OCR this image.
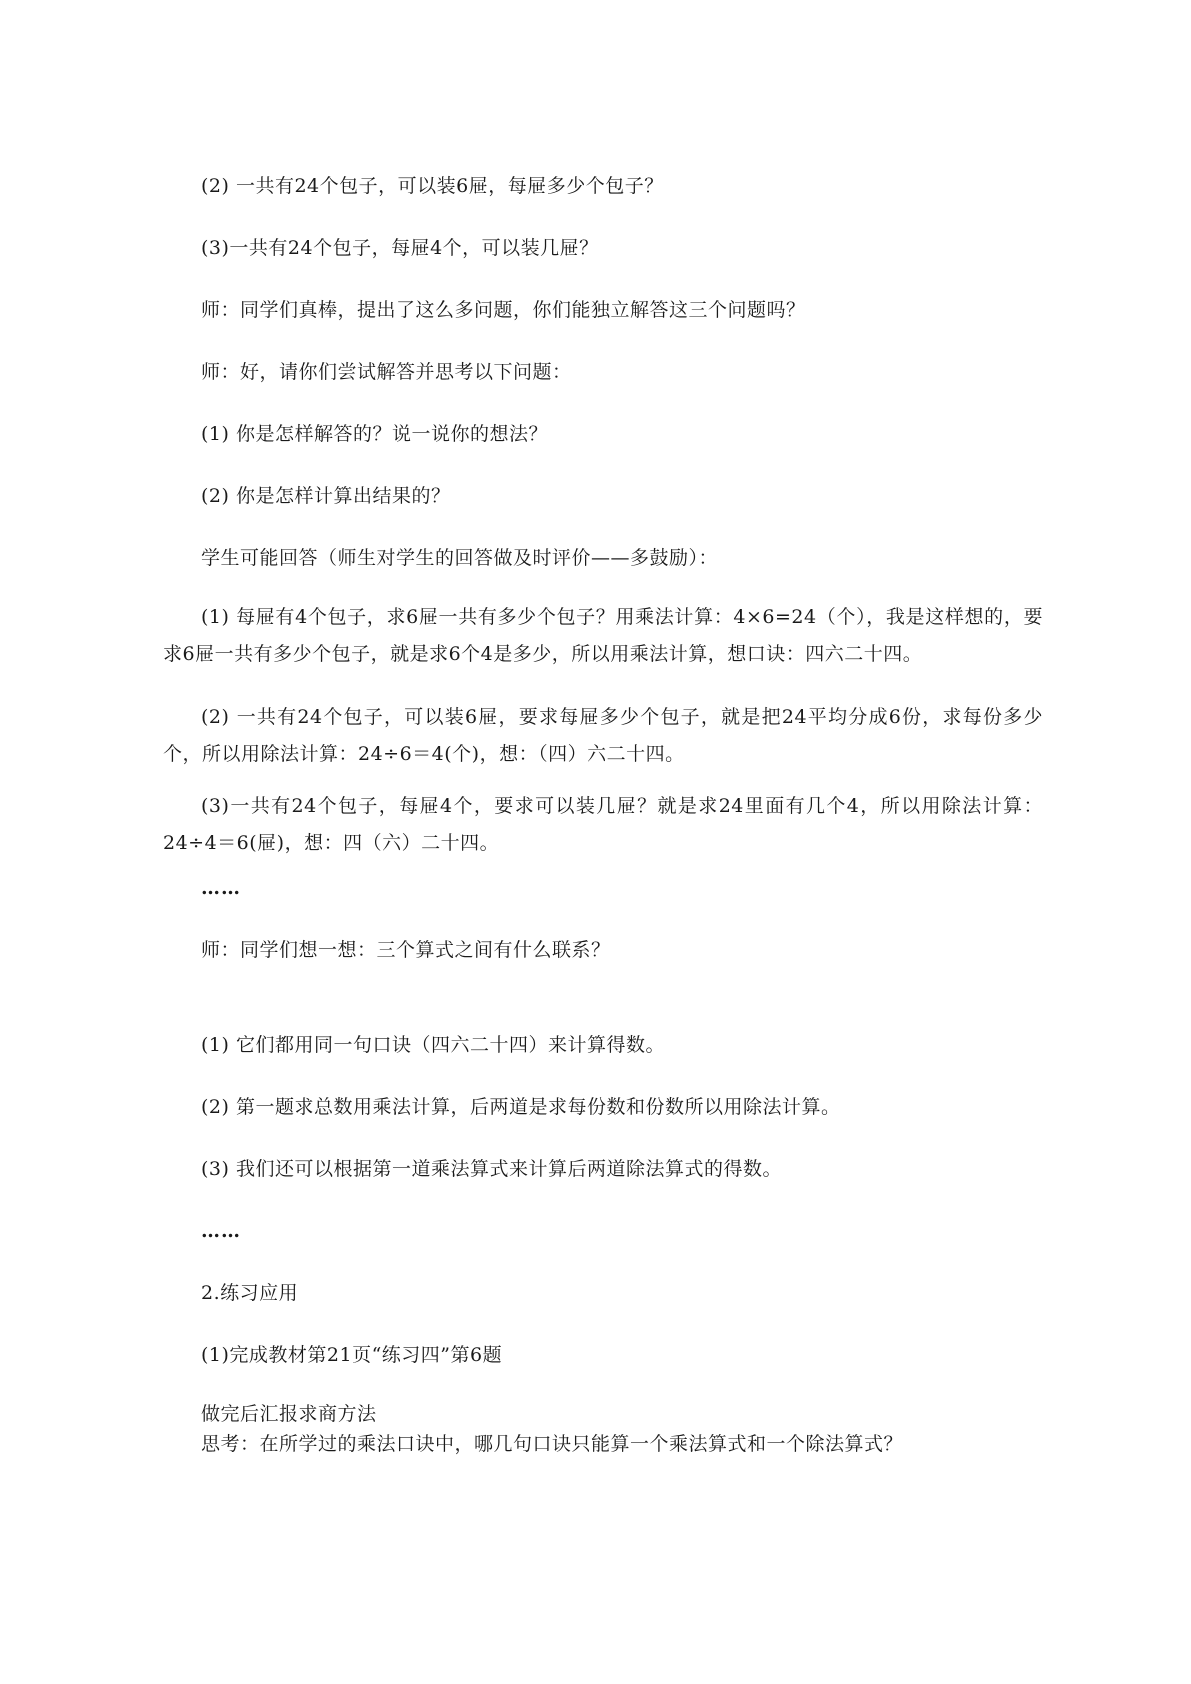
(2) 一共有24个包子，可以装6屉，每屉多少个包子？
(3)一共有24个包子，每屉4个，可以装几屉？
师：同学们真棒，提出了这么多问题，你们能独立解答这三个问题吗？
师：好，请你们尝试解答并思考以下问题：
(1) 你是怎样解答的？说一说你的想法？
(2) 你是怎样计算出结果的？
学生可能回答（师生对学生的回答做及时评价——多鼓励）：
(1) 每屉有4个包子，求6屉一共有多少个包子？用乘法计算：4×6=24（个），我是这样想的，要求6屉一共有多少个包子，就是求6个4是多少，所以用乘法计算，想口诀：四六二十四。
(2) 一共有24个包子，可以装6屉，要求每屉多少个包子，就是把24平均分成6份，求每份多少个，所以用除法计算：24÷6＝4(个)，想：（四）六二十四。
(3)一共有24个包子，每屉4个，要求可以装几屉？就是求24里面有几个4，所以用除法计算：24÷4＝6(屉)，想：四（六）二十四。
……
师：同学们想一想：三个算式之间有什么联系？
(1) 它们都用同一句口诀（四六二十四）来计算得数。
(2) 第一题求总数用乘法计算，后两道是求每份数和份数所以用除法计算。
(3) 我们还可以根据第一道乘法算式来计算后两道除法算式的得数。
……
2.练习应用
(1)完成教材第21页“练习四”第6题
做完后汇报求商方法
思考：在所学过的乘法口诀中，哪几句口诀只能算一个乘法算式和一个除法算式？
